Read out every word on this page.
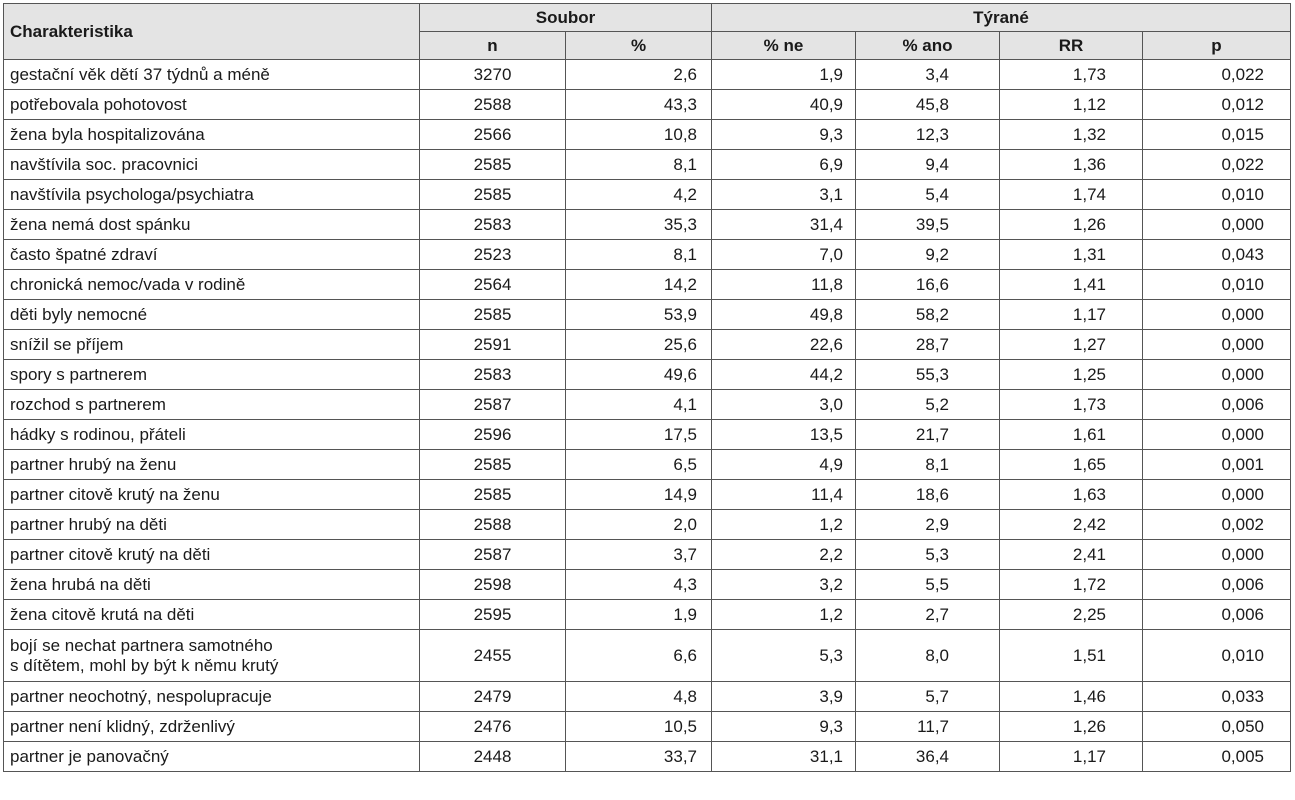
Charakteristika	Soubor		Týrané			
	n	%	% ne	% ano	RR	p
gestační věk dětí 37 týdnů a méně	3270	2,6	1,9	3,4	1,73	0,022
potřebovala pohotovost	2588	43,3	40,9	45,8	1,12	0,012
žena byla hospitalizována	2566	10,8	9,3	12,3	1,32	0,015
navštívila soc. pracovnici	2585	8,1	6,9	9,4	1,36	0,022
navštívila psychologa/psychiatra	2585	4,2	3,1	5,4	1,74	0,010
žena nemá dost spánku	2583	35,3	31,4	39,5	1,26	0,000
často špatné zdraví	2523	8,1	7,0	9,2	1,31	0,043
chronická nemoc/vada v rodině	2564	14,2	11,8	16,6	1,41	0,010
děti byly nemocné	2585	53,9	49,8	58,2	1,17	0,000
snížil se příjem	2591	25,6	22,6	28,7	1,27	0,000
spory s partnerem	2583	49,6	44,2	55,3	1,25	0,000
rozchod s partnerem	2587	4,1	3,0	5,2	1,73	0,006
hádky s rodinou, přáteli	2596	17,5	13,5	21,7	1,61	0,000
partner hrubý na ženu	2585	6,5	4,9	8,1	1,65	0,001
partner citově krutý na ženu	2585	14,9	11,4	18,6	1,63	0,000
partner hrubý na děti	2588	2,0	1,2	2,9	2,42	0,002
partner citově krutý na děti	2587	3,7	2,2	5,3	2,41	0,000
žena hrubá na děti	2598	4,3	3,2	5,5	1,72	0,006
žena citově krutá na děti	2595	1,9	1,2	2,7	2,25	0,006
bojí se nechat partnera samotného
s dítětem, mohl by být k němu krutý	2455	6,6	5,3	8,0	1,51	0,010
partner neochotný, nespolupracuje	2479	4,8	3,9	5,7	1,46	0,033
partner není klidný, zdrženlivý	2476	10,5	9,3	11,7	1,26	0,050
partner je panovačný	2448	33,7	31,1	36,4	1,17	0,005
